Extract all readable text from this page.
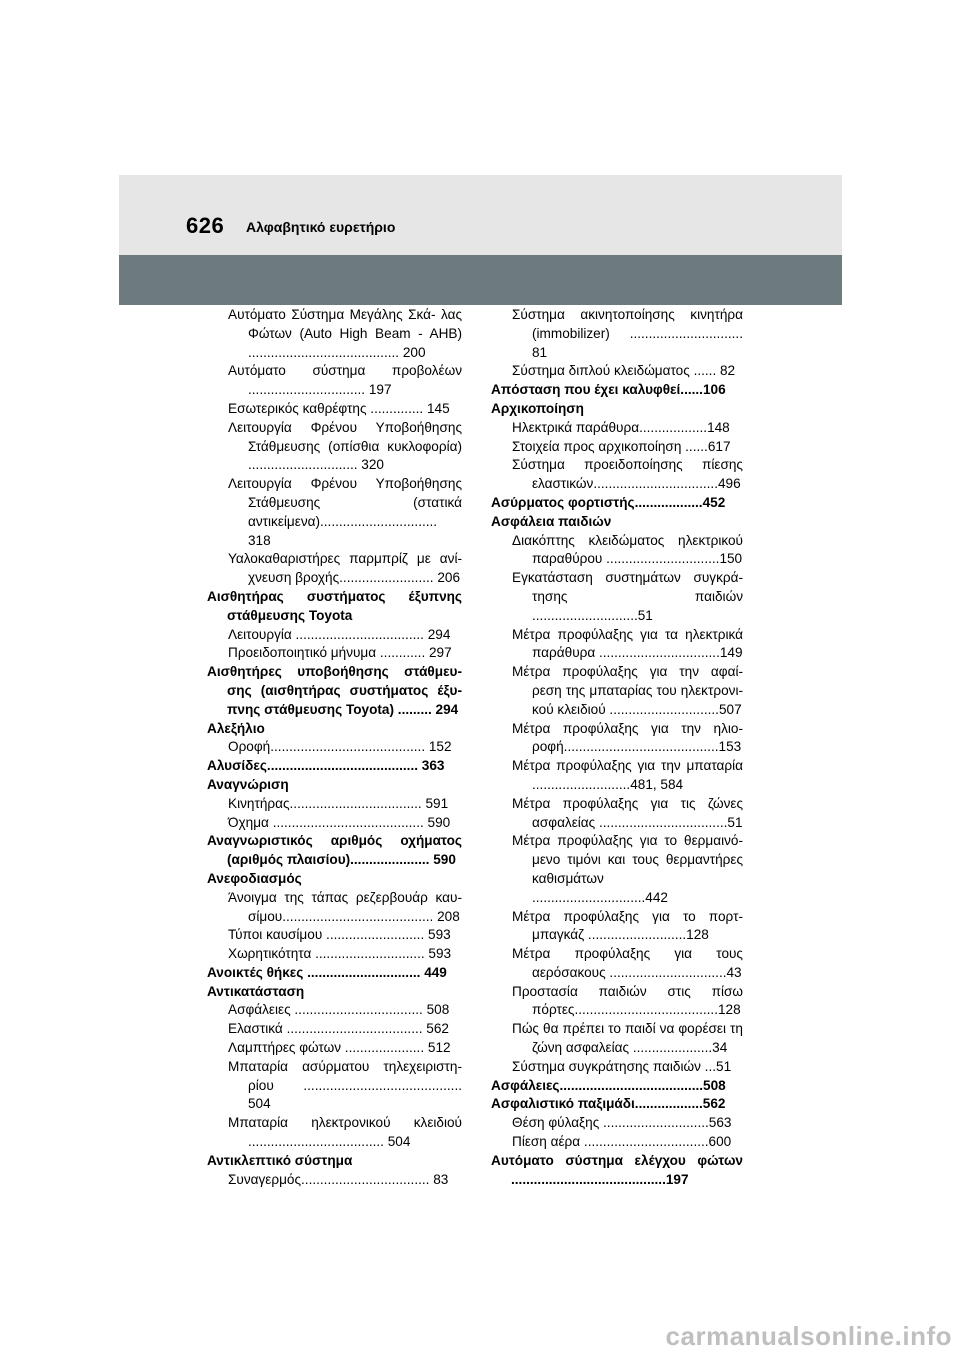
626 Αλφαβητικό ευρετήριο
Αυτόματο Σύστημα Μεγάλης Σκά- λας Φώτων (Auto High Beam - AHB) ........................................ 200
Αυτόματο σύστημα προβολέων ............................... 197
Εσωτερικός καθρέφτης .............. 145
Λειτουργία Φρένου Υποβοήθησης Στάθμευσης (οπίσθια κυκλοφορία) ............................. 320
Λειτουργία Φρένου Υποβοήθησης Στάθμευσης (στατικά αντικείμενα)............................... 318
Υαλοκαθαριστήρες παρμπρίζ με ανί- χνευση βροχής......................... 206
Αισθητήρας συστήματος έξυπνης στάθμευσης Toyota
Λειτουργία .................................. 294
Προειδοποιητικό μήνυμα ............ 297
Αισθητήρες υποβοήθησης στάθμευ- σης (αισθητήρας συστήματος έξυ- πνης στάθμευσης Toyota) ......... 294
Αλεξήλιο
Οροφή......................................... 152
Αλυσίδες........................................ 363
Αναγνώριση
Κινητήρας................................... 591
Όχημα ........................................ 590
Αναγνωριστικός αριθμός οχήματος (αριθμός πλαισίου)..................... 590
Ανεφοδιασμός
Άνοιγμα της τάπας ρεζερβουάρ καυ- σίμου........................................ 208
Τύποι καυσίμου .......................... 593
Χωρητικότητα ............................. 593
Ανοικτές θήκες .............................. 449
Αντικατάσταση
Ασφάλειες .................................. 508
Ελαστικά .................................... 562
Λαμπτήρες φώτων ..................... 512
Μπαταρία ασύρματου τηλεχειριστη- ρίου .......................................... 504
Μπαταρία ηλεκτρονικού κλειδιού .................................... 504
Αντικλεπτικό σύστημα
Συναγερμός.................................. 83
Σύστημα ακινητοποίησης κινητήρα (immobilizer) .............................. 81
Σύστημα διπλού κλειδώματος ...... 82
Απόσταση που έχει καλυφθεί......106
Αρχικοποίηση
Ηλεκτρικά παράθυρα..................148
Στοιχεία προς αρχικοποίηση ......617
Σύστημα προειδοποίησης πίεσης ελαστικών.................................496
Ασύρματος φορτιστής..................452
Ασφάλεια παιδιών
Διακόπτης κλειδώματος ηλεκτρικού παραθύρου ..............................150
Εγκατάσταση συστημάτων συγκρά- τησης παιδιών ............................51
Μέτρα προφύλαξης για τα ηλεκτρικά παράθυρα ................................149
Μέτρα προφύλαξης για την αφαί- ρεση της μπαταρίας του ηλεκτρονι- κού κλειδιού .............................507
Μέτρα προφύλαξης για την ηλιο- ροφή.........................................153
Μέτρα προφύλαξης για την μπαταρία ..........................481, 584
Μέτρα προφύλαξης για τις ζώνες ασφαλείας ..................................51
Μέτρα προφύλαξης για το θερμαινό- μενο τιμόνι και τους θερμαντήρες καθισμάτων ..............................442
Μέτρα προφύλαξης για το πορτ-μπαγκάζ ..........................128
Μέτρα προφύλαξης για τους αερόσακους ...............................43
Προστασία παιδιών στις πίσω πόρτες......................................128
Πώς θα πρέπει το παιδί να φορέσει τη ζώνη ασφαλείας .....................34
Σύστημα συγκράτησης παιδιών ...51
Ασφάλειες......................................508
Ασφαλιστικό παξιμάδι..................562
Θέση φύλαξης ............................563
Πίεση αέρα .................................600
Αυτόματο σύστημα ελέγχου φώτων .........................................197
carmanualsonline.info
